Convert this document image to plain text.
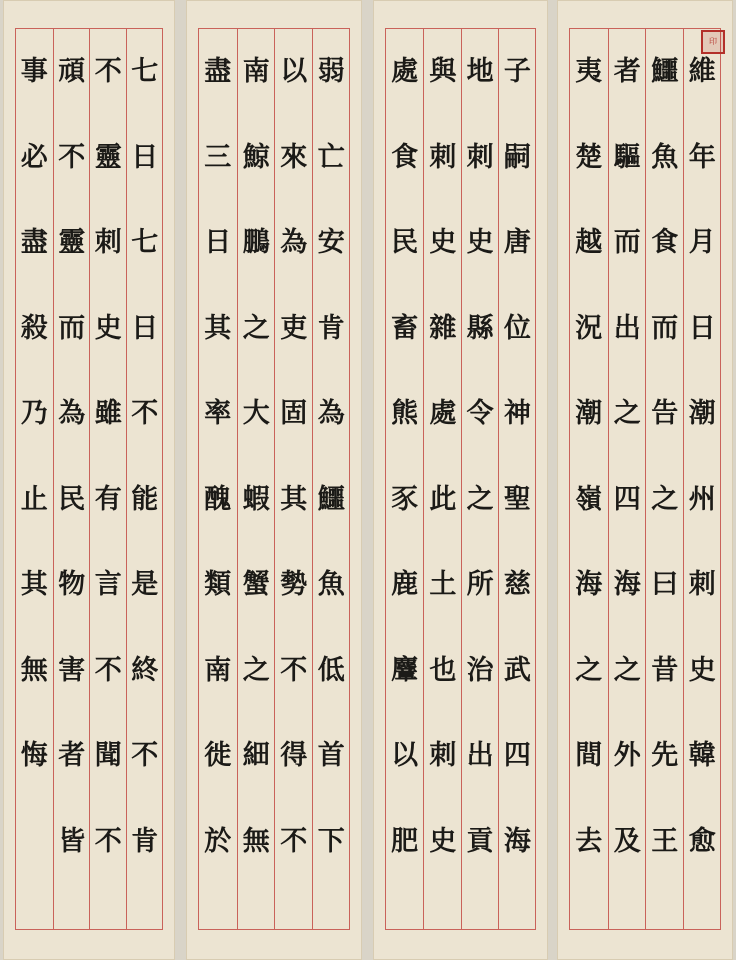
事
必
盡
殺
乃
止
其
無
悔
頑
不
靈
而
為
民
物
害
者
皆
不
靈
刺
史
雖
有
言
不
聞
不
七
日
七
日
不
能
是
終
不
肯
盡
三
日
其
率
醜
類
南
徙
於
南
鯨
鵬
之
大
蝦
蟹
之
細
無
以
來
為
吏
固
其
勢
不
得
不
弱
亡
安
肯
為
鱷
魚
低
首
下
處
食
民
畜
熊
豕
鹿
麞
以
肥
與
刺
史
雜
處
此
土
也
刺
史
地
刺
史
縣
令
之
所
治
出
貢
子
嗣
唐
位
神
聖
慈
武
四
海
夷
楚
越
況
潮
嶺
海
之
間
去
者
驅
而
出
之
四
海
之
外
及
鱷
魚
食
而
告
之
曰
昔
先
王
維
年
月
日
潮
州
刺
史
韓
愈
印
